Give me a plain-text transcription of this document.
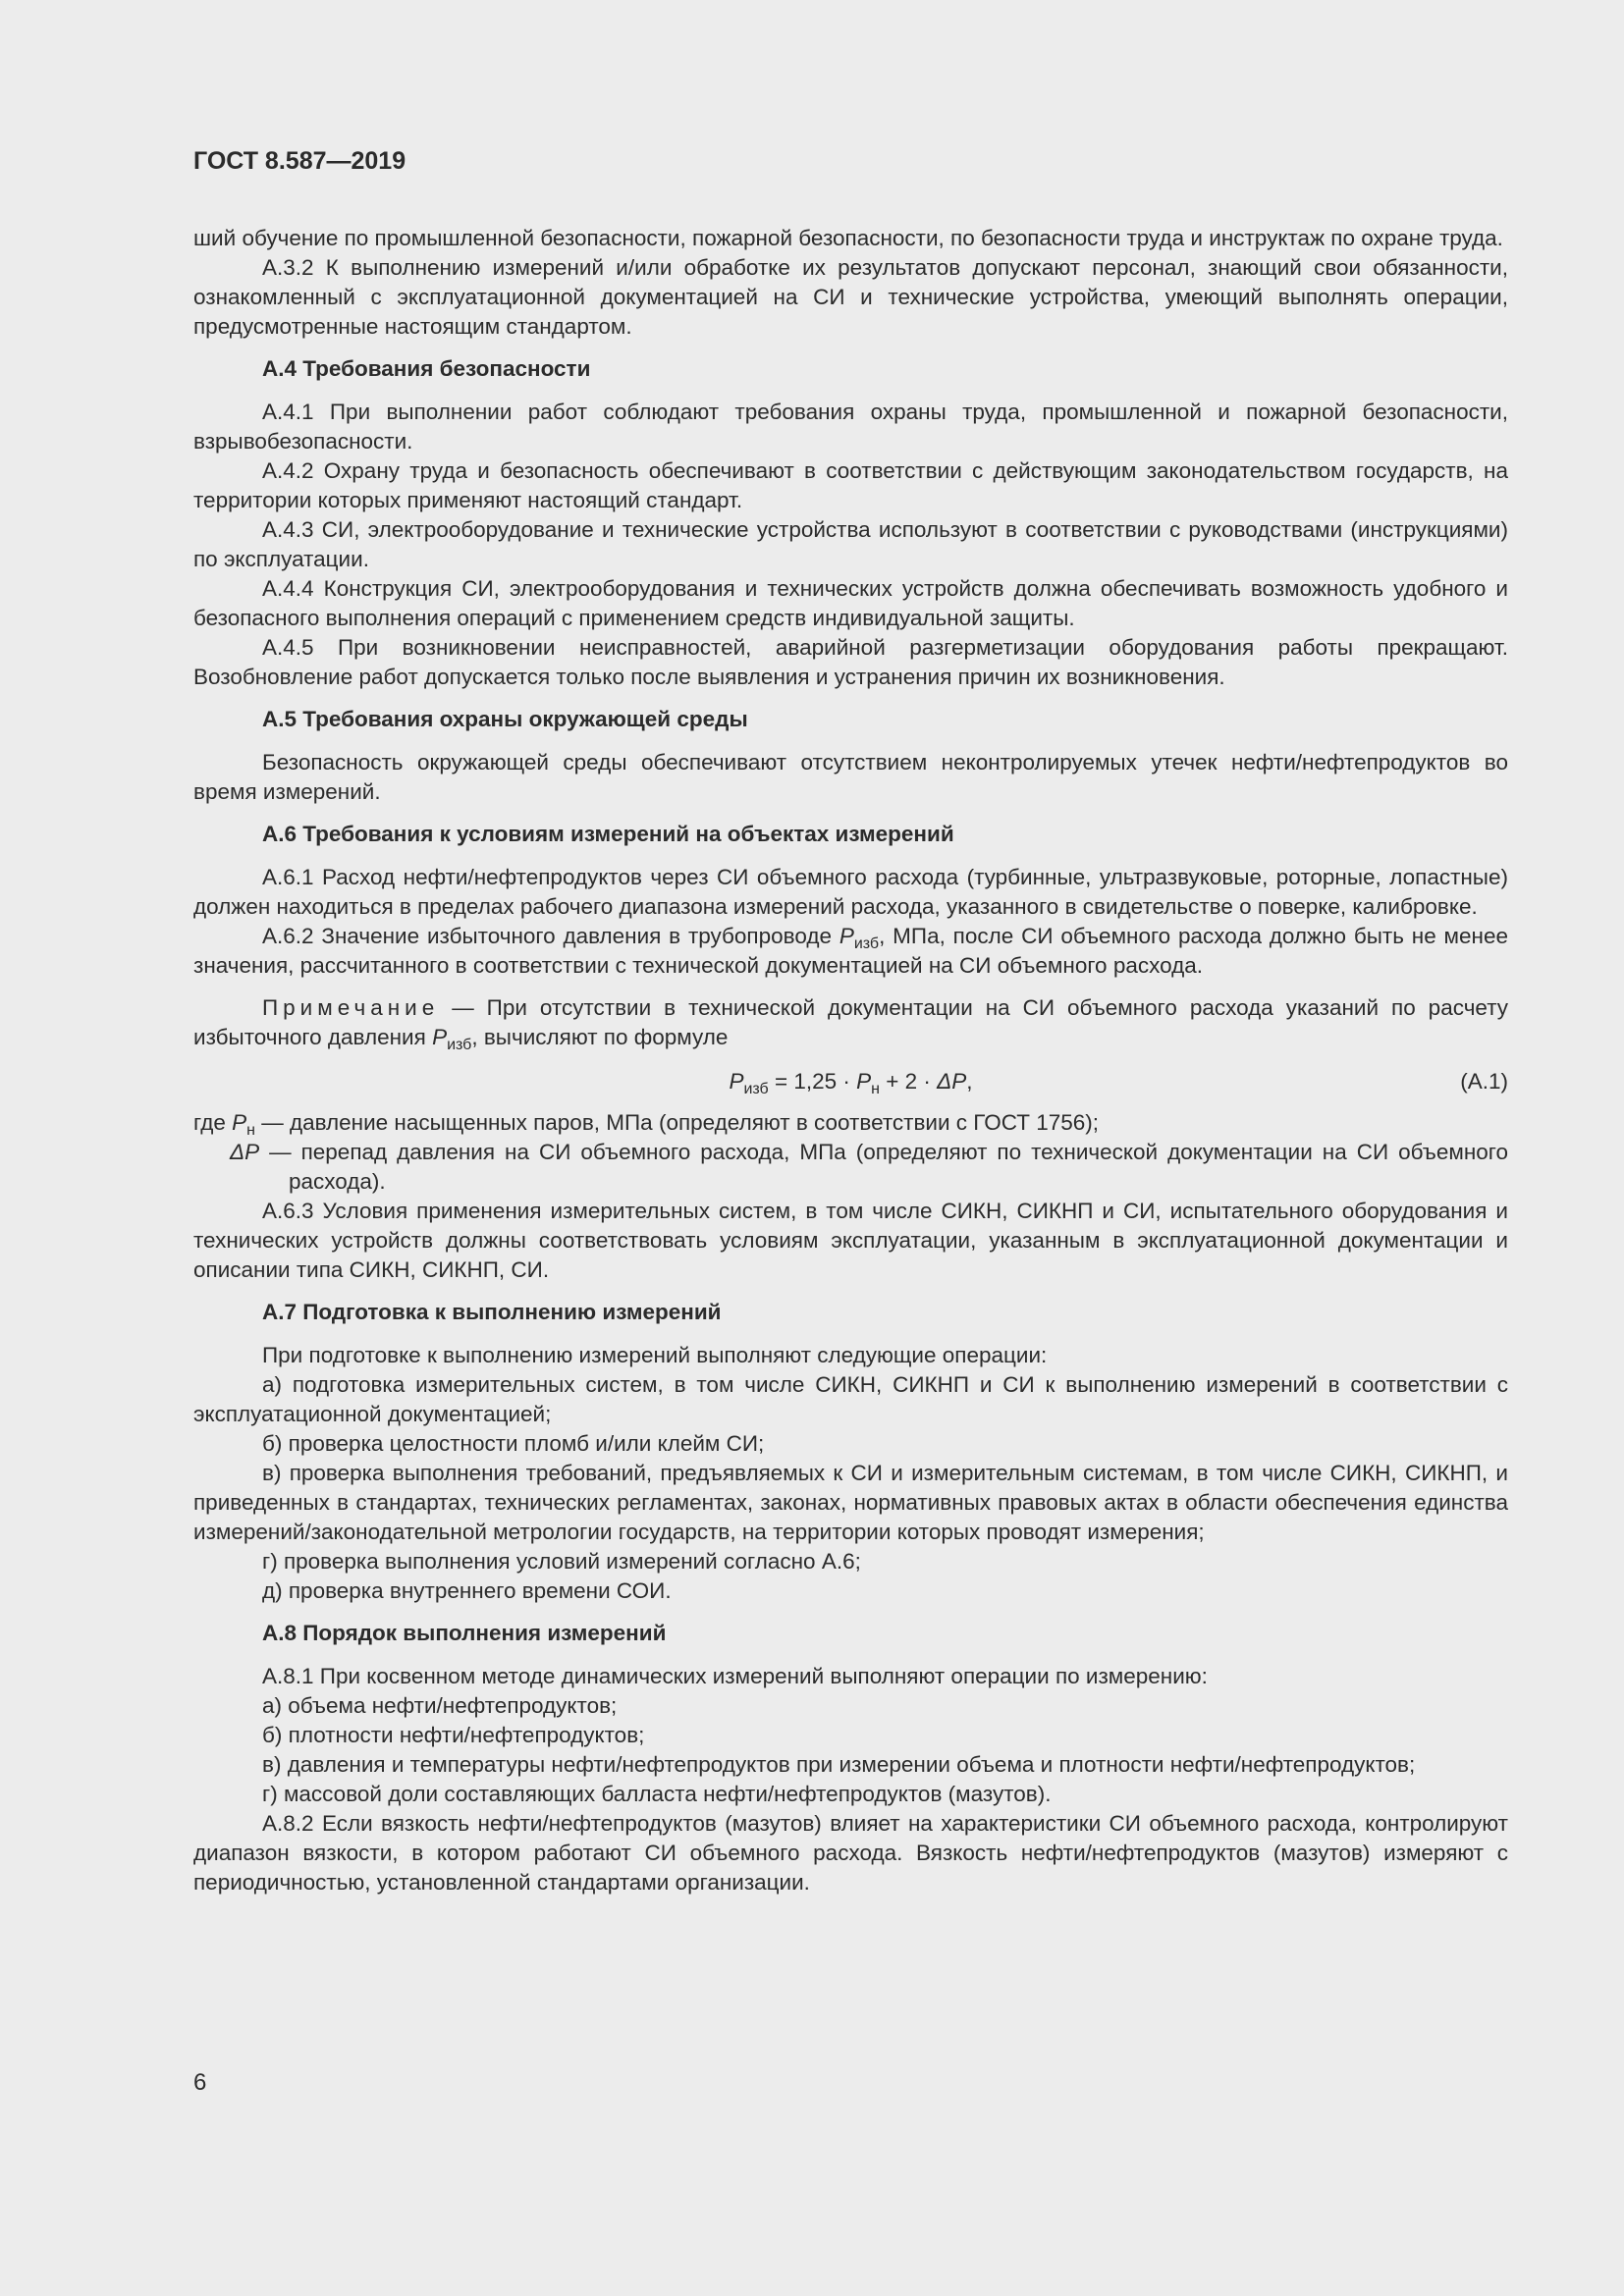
ГОСТ 8.587—2019

ший обучение по промышленной безопасности, пожарной безопасности, по безопасности труда и инструктаж по охране труда.

А.3.2 К выполнению измерений и/или обработке их результатов допускают персонал, знающий свои обязанности, ознакомленный с эксплуатационной документацией на СИ и технические устройства, умеющий выполнять операции, предусмотренные настоящим стандартом.

А.4 Требования безопасности

А.4.1 При выполнении работ соблюдают требования охраны труда, промышленной и пожарной безопасности, взрывобезопасности.

А.4.2 Охрану труда и безопасность обеспечивают в соответствии с действующим законодательством государств, на территории которых применяют настоящий стандарт.

А.4.3 СИ, электрооборудование и технические устройства используют в соответствии с руководствами (инструкциями) по эксплуатации.

А.4.4 Конструкция СИ, электрооборудования и технических устройств должна обеспечивать возможность удобного и безопасного выполнения операций с применением средств индивидуальной защиты.

А.4.5 При возникновении неисправностей, аварийной разгерметизации оборудования работы прекращают. Возобновление работ допускается только после выявления и устранения причин их возникновения.

А.5 Требования охраны окружающей среды

Безопасность окружающей среды обеспечивают отсутствием неконтролируемых утечек нефти/нефтепродуктов во время измерений.

А.6 Требования к условиям измерений на объектах измерений

А.6.1 Расход нефти/нефтепродуктов через СИ объемного расхода (турбинные, ультразвуковые, роторные, лопастные) должен находиться в пределах рабочего диапазона измерений расхода, указанного в свидетельстве о поверке, калибровке.

А.6.2 Значение избыточного давления в трубопроводе $P_{изб}$, МПа, после СИ объемного расхода должно быть не менее значения, рассчитанного в соответствии с технической документацией на СИ объемного расхода.

Примечание — При отсутствии в технической документации на СИ объемного расхода указаний по расчету избыточного давления $P_{изб}$, вычисляют по формуле

$P_{изб} = 1,25 \cdot P_н + 2 \cdot \Delta P$,	(А.1)

где $P_н$ — давление насыщенных паров, МПа (определяют в соответствии с ГОСТ 1756);

ΔP — перепад давления на СИ объемного расхода, МПа (определяют по технической документации на СИ объемного расхода).

А.6.3 Условия применения измерительных систем, в том числе СИКН, СИКНП и СИ, испытательного оборудования и технических устройств должны соответствовать условиям эксплуатации, указанным в эксплуатационной документации и описании типа СИКН, СИКНП, СИ.

А.7 Подготовка к выполнению измерений

При подготовке к выполнению измерений выполняют следующие операции:

а) подготовка измерительных систем, в том числе СИКН, СИКНП и СИ к выполнению измерений в соответствии с эксплуатационной документацией;

б) проверка целостности пломб и/или клейм СИ;

в) проверка выполнения требований, предъявляемых к СИ и измерительным системам, в том числе СИКН, СИКНП, и приведенных в стандартах, технических регламентах, законах, нормативных правовых актах в области обеспечения единства измерений/законодательной метрологии государств, на территории которых проводят измерения;

г) проверка выполнения условий измерений согласно А.6;

д) проверка внутреннего времени СОИ.

А.8 Порядок выполнения измерений

А.8.1 При косвенном методе динамических измерений выполняют операции по измерению:

а) объема нефти/нефтепродуктов;

б) плотности нефти/нефтепродуктов;

в) давления и температуры нефти/нефтепродуктов при измерении объема и плотности нефти/нефтепродуктов;

г) массовой доли составляющих балласта нефти/нефтепродуктов (мазутов).

А.8.2 Если вязкость нефти/нефтепродуктов (мазутов) влияет на характеристики СИ объемного расхода, контролируют диапазон вязкости, в котором работают СИ объемного расхода. Вязкость нефти/нефтепродуктов (мазутов) измеряют с периодичностью, установленной стандартами организации.

6
